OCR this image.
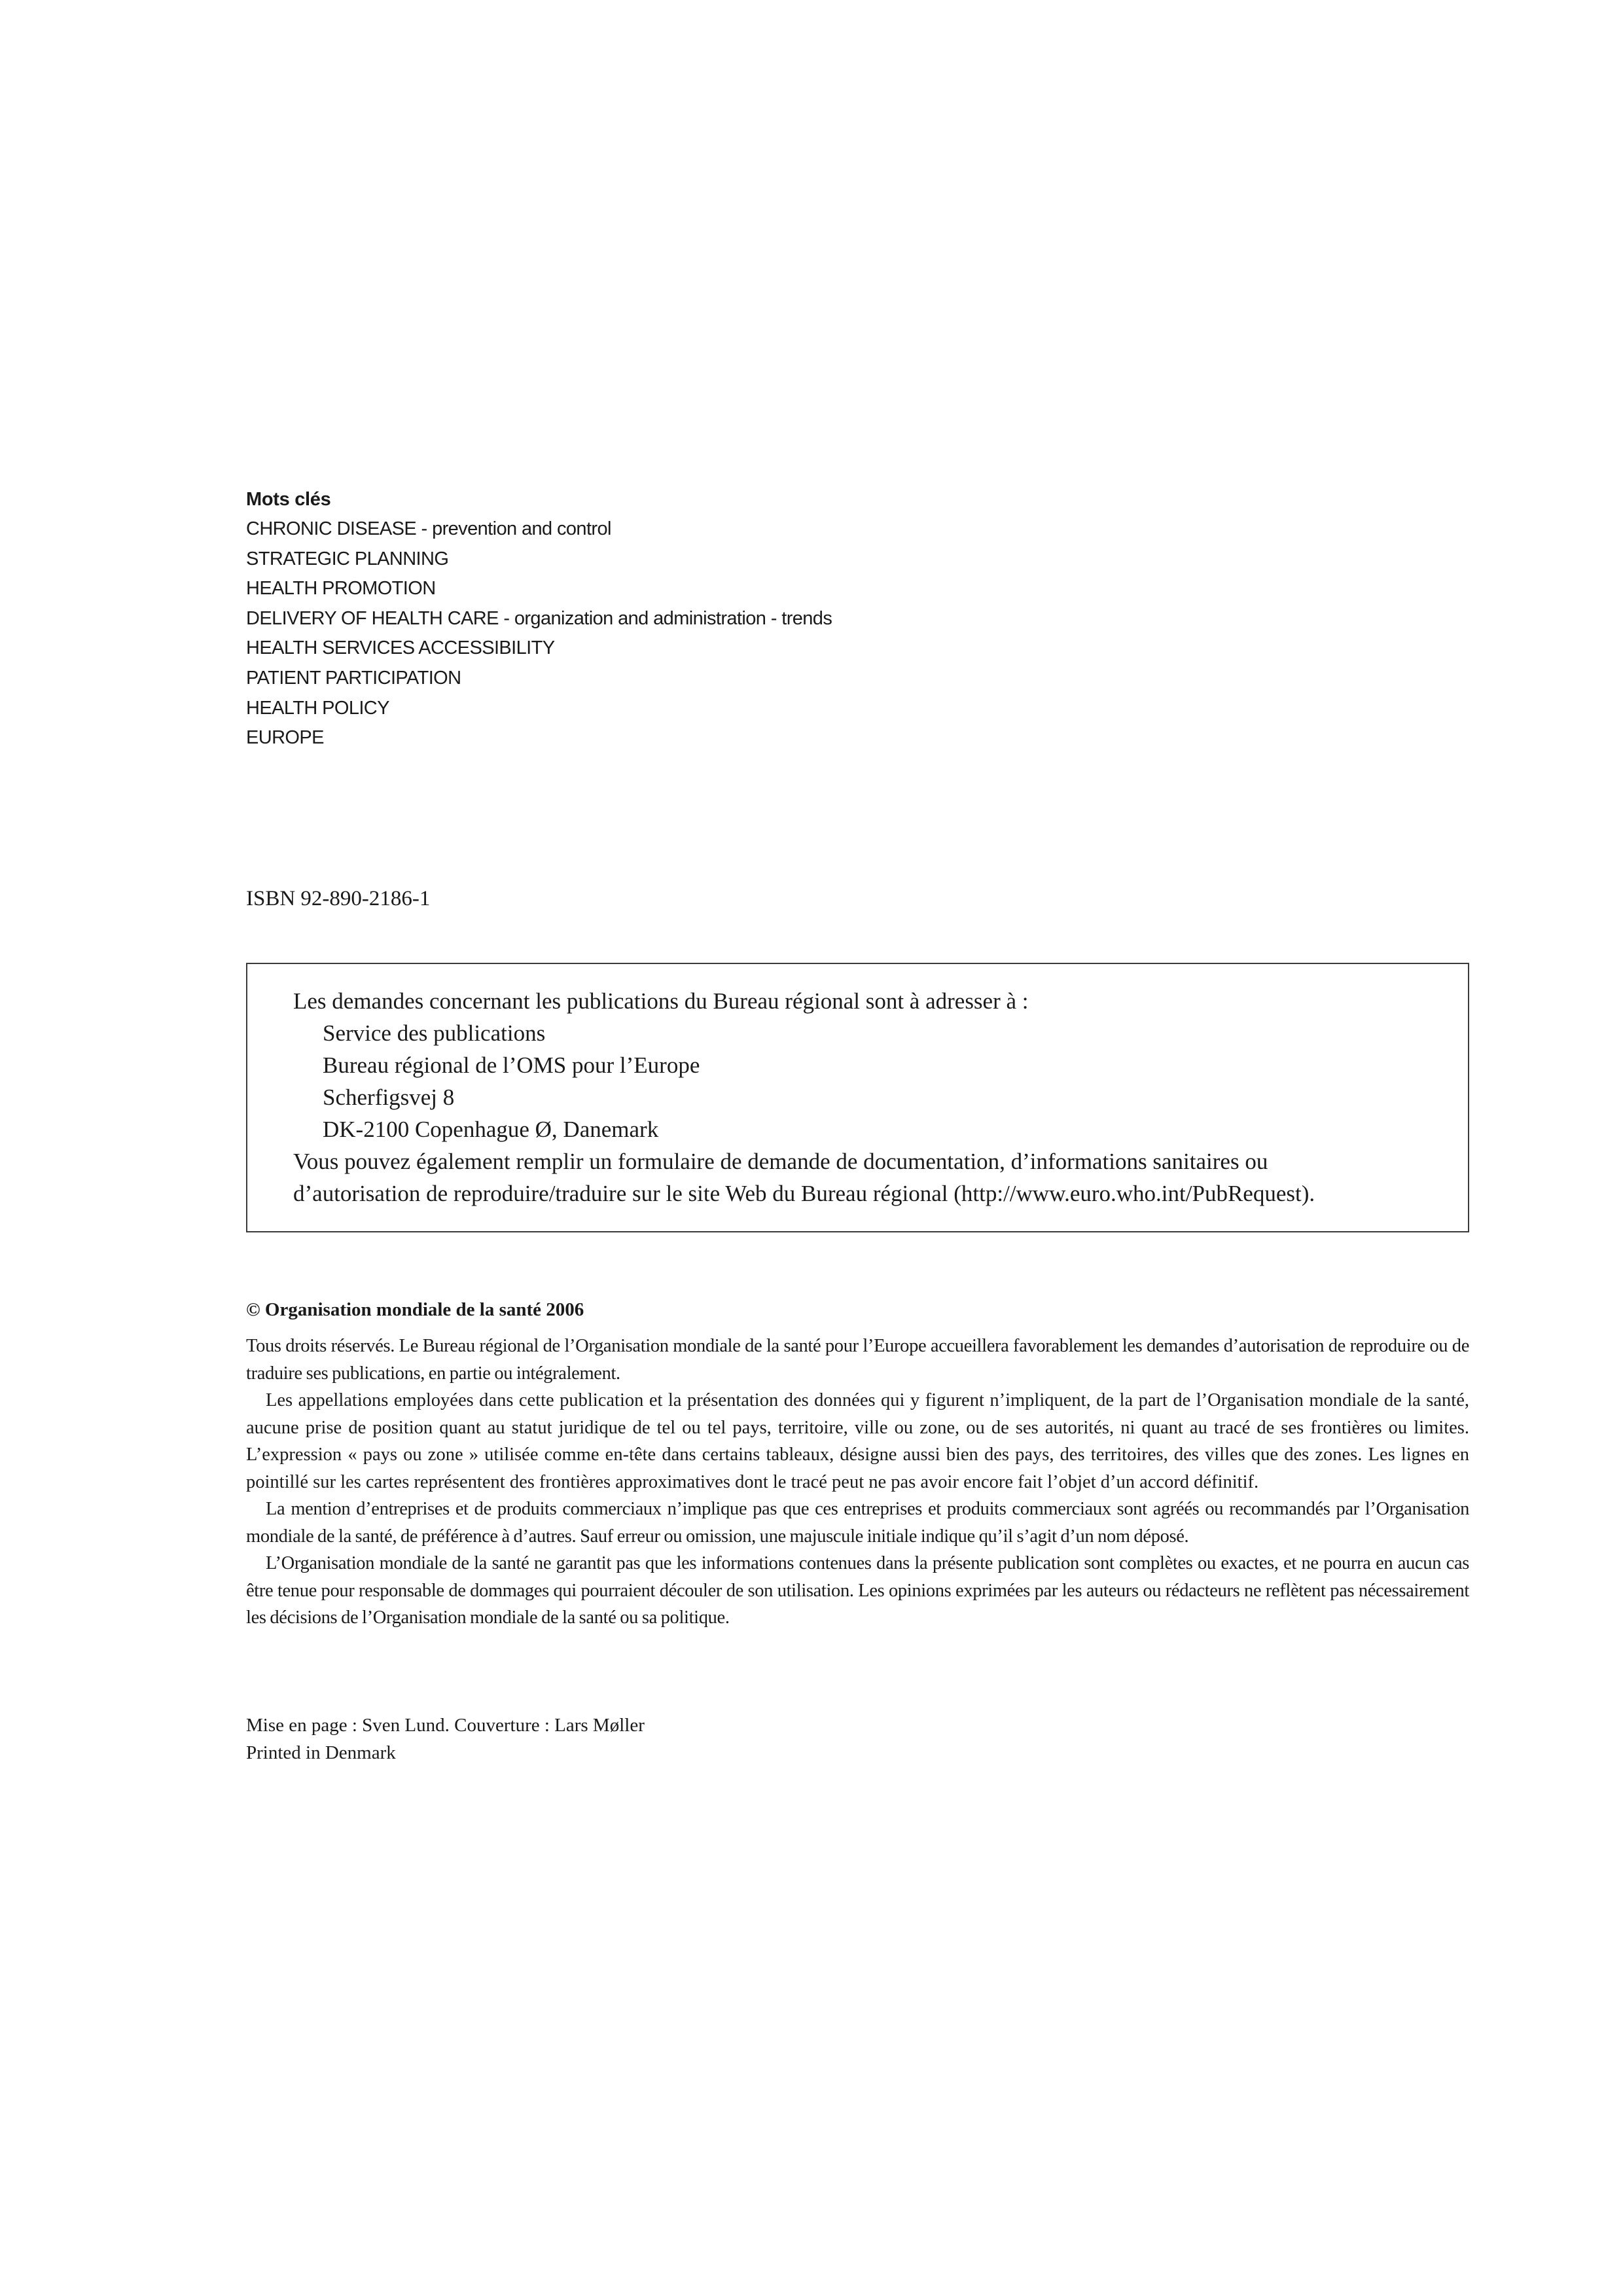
Mots clés
CHRONIC DISEASE - prevention and control
STRATEGIC PLANNING
HEALTH PROMOTION
DELIVERY OF HEALTH CARE - organization and administration - trends
HEALTH SERVICES ACCESSIBILITY
PATIENT PARTICIPATION
HEALTH POLICY
EUROPE
ISBN 92-890-2186-1

Les demandes concernant les publications du Bureau régional sont à adresser à :

Service des publications

Bureau régional de l’OMS pour l’Europe

Scherfigsvej 8

DK-2100 Copenhague Ø, Danemark

Vous pouvez également remplir un formulaire de demande de documentation, d’informations sanitaires ou

d’autorisation de reproduire/traduire sur le site Web du Bureau régional (http://www.euro.who.int/PubRequest).

© Organisation mondiale de la santé 2006

Tous droits réservés. Le Bureau régional de l’Organisation mondiale de la santé pour l’Europe accueillera favorablement les demandes d’autorisation de reproduire ou de traduire ses publications, en partie ou intégralement.

Les appellations employées dans cette publication et la présentation des données qui y figurent n’impliquent, de la part de l’Organisation mondiale de la santé, aucune prise de position quant au statut juridique de tel ou tel pays, territoire, ville ou zone, ou de ses autorités, ni quant au tracé de ses frontières ou limites. L’expression « pays ou zone » utilisée comme en-tête dans certains tableaux, désigne aussi bien des pays, des territoires, des villes que des zones. Les lignes en pointillé sur les cartes représentent des frontières approximatives dont le tracé peut ne pas avoir encore fait l’objet d’un accord définitif.

La mention d’entreprises et de produits commerciaux n’implique pas que ces entreprises et produits commerciaux sont agréés ou recommandés par l’Organisation mondiale de la santé, de préférence à d’autres. Sauf erreur ou omission, une majuscule initiale indique qu’il s’agit d’un nom déposé.

L’Organisation mondiale de la santé ne garantit pas que les informations contenues dans la présente publication sont complètes ou exactes, et ne pourra en aucun cas être tenue pour responsable de dommages qui pourraient découler de son utilisation. Les opinions exprimées par les auteurs ou rédacteurs ne reflètent pas nécessairement les décisions de l’Organisation mondiale de la santé ou sa politique.

Mise en page : Sven Lund. Couverture : Lars Møller

Printed in Denmark
